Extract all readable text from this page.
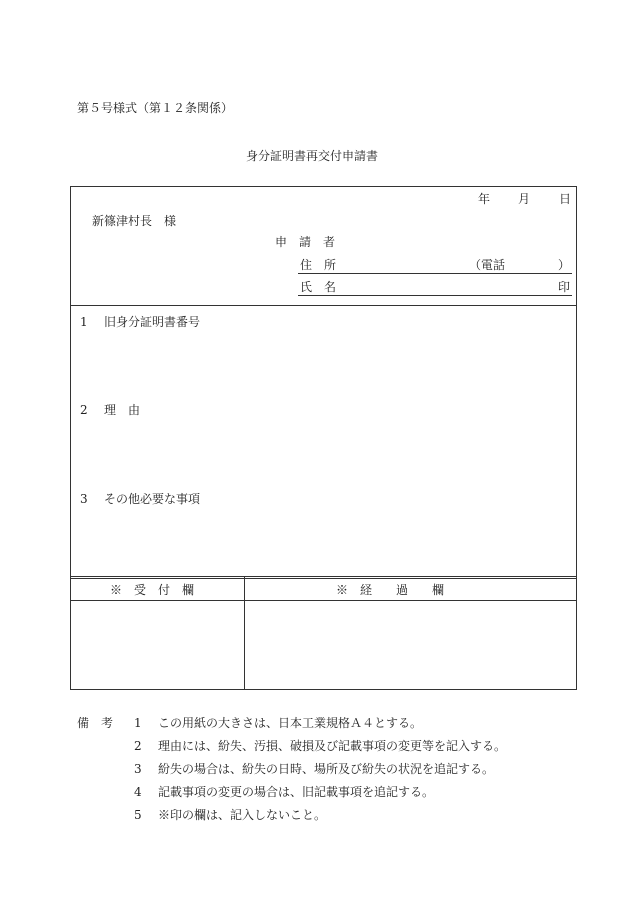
第５号様式（第１２条関係）
身分証明書再交付申請書
年 月 日
新篠津村長　様
申　請　者
住　所	（電話	）
氏　名	印
1 旧身分証明書番号
2 理　由
3 その他必要な事項
※　受　付　欄	※　経　　過　　欄
備　考 1 この用紙の大きさは、日本工業規格Ａ４とする。
2 理由には、紛失、汚損、破損及び記載事項の変更等を記入する。
3 紛失の場合は、紛失の日時、場所及び紛失の状況を追記する。
4 記載事項の変更の場合は、旧記載事項を追記する。
5 ※印の欄は、記入しないこと。
